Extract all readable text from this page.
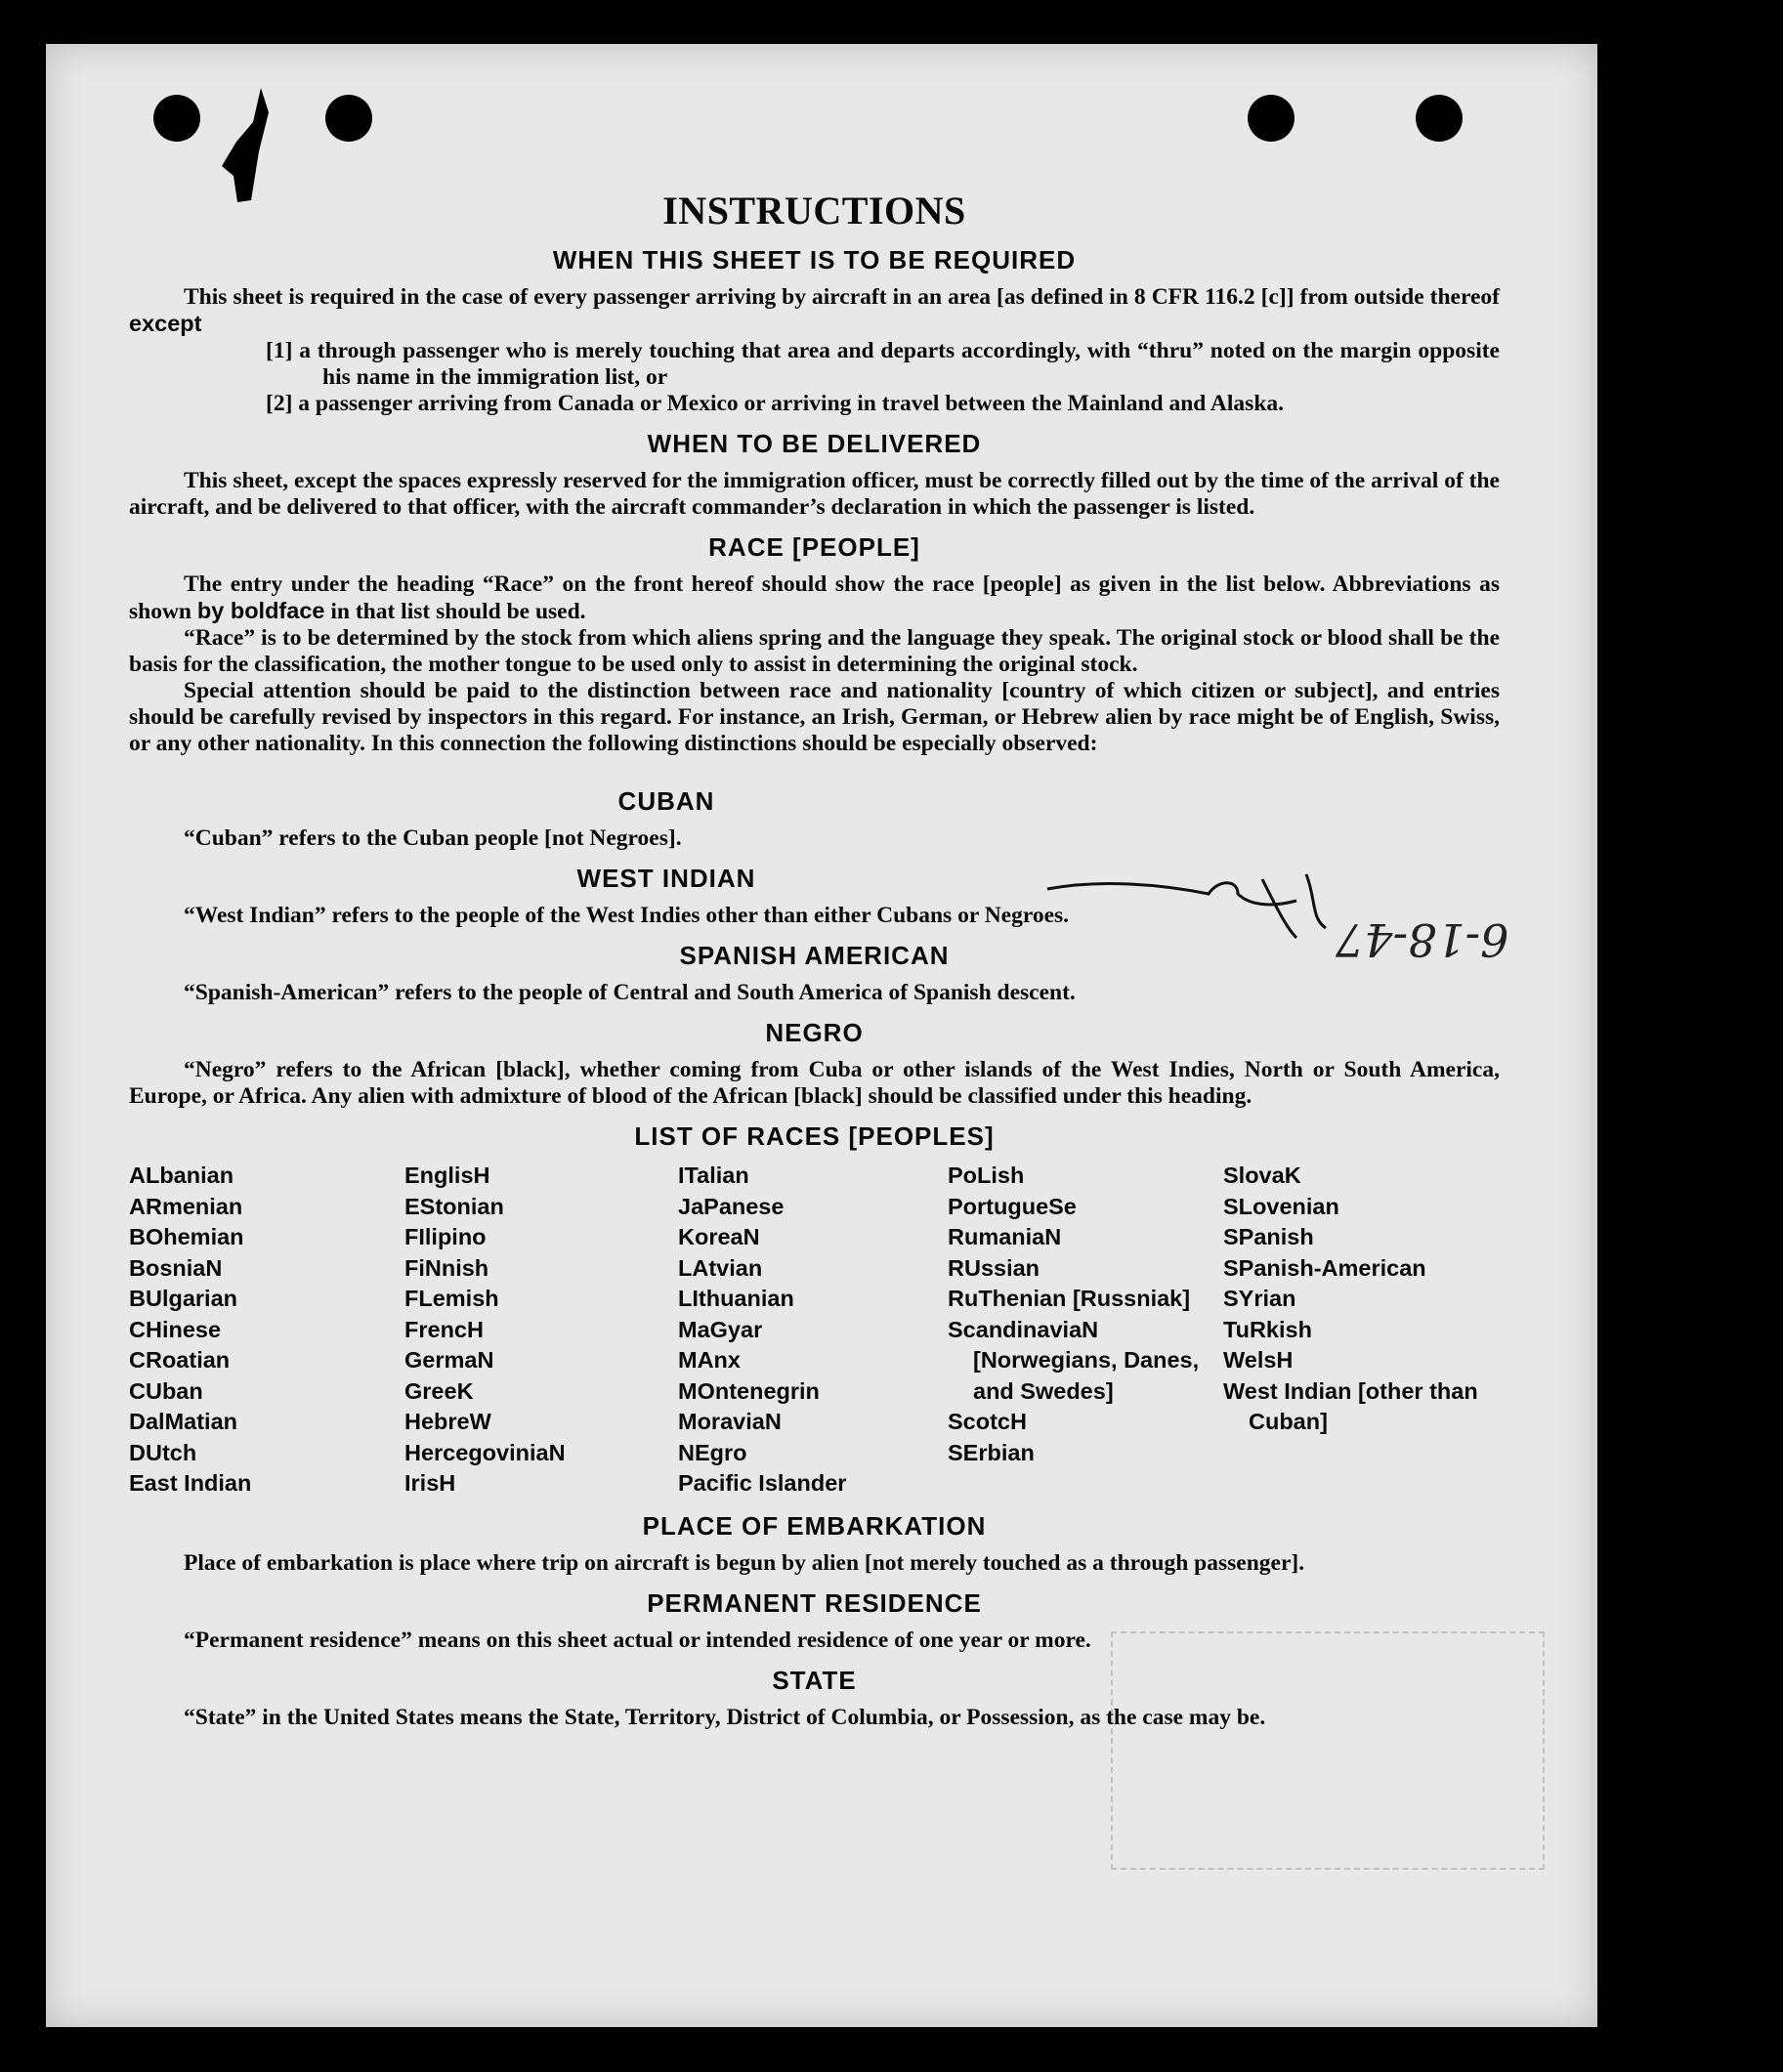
6-18-47
INSTRUCTIONS
WHEN THIS SHEET IS TO BE REQUIRED

This sheet is required in the case of every passenger arriving by aircraft in an area [as defined in 8 CFR 116.2 [c]] from outside thereof except

[1] a through passenger who is merely touching that area and departs accordingly, with “thru” noted on the margin opposite his name in the immigration list, or
[2] a passenger arriving from Canada or Mexico or arriving in travel between the Mainland and Alaska.
WHEN TO BE DELIVERED

This sheet, except the spaces expressly reserved for the immigration officer, must be correctly filled out by the time of the arrival of the aircraft, and be delivered to that officer, with the aircraft commander’s declaration in which the passenger is listed.

RACE [PEOPLE]

The entry under the heading “Race” on the front hereof should show the race [people] as given in the list below. Abbreviations as shown by boldface in that list should be used.

“Race” is to be determined by the stock from which aliens spring and the language they speak. The original stock or blood shall be the basis for the classification, the mother tongue to be used only to assist in determining the original stock.

Special attention should be paid to the distinction between race and nationality [country of which citizen or subject], and entries should be carefully revised by inspectors in this regard. For instance, an Irish, German, or Hebrew alien by race might be of English, Swiss, or any other nationality. In this connection the following distinctions should be especially observed:

CUBAN

“Cuban” refers to the Cuban people [not Negroes].

WEST INDIAN

“West Indian” refers to the people of the West Indies other than either Cubans or Negroes.

SPANISH AMERICAN

“Spanish-American” refers to the people of Central and South America of Spanish descent.

NEGRO

“Negro” refers to the African [black], whether coming from Cuba or other islands of the West Indies, North or South America, Europe, or Africa. Any alien with admixture of blood of the African [black] should be classified under this heading.

LIST OF RACES [PEOPLES]
ALbanian
ARmenian
BOhemian
BosniaN
BUlgarian
CHinese
CRoatian
CUban
DalMatian
DUtch
East Indian
EnglisH
EStonian
FIlipino
FiNnish
FLemish
FrencH
GermaN
GreeK
HebreW
HercegoviniaN
IrisH
ITalian
JaPanese
KoreaN
LAtvian
LIthuanian
MaGyar
MAnx
MOntenegrin
MoraviaN
NEgro
Pacific Islander
PoLish
PortugueSe
RumaniaN
RUssian
RuThenian [Russniak]
ScandinaviaN [Norwegians, Danes, and Swedes]
ScotcH
SErbian
SlovaK
SLovenian
SPanish
SPanish-American
SYrian
TuRkish
WelsH
West Indian [other than Cuban]
PLACE OF EMBARKATION

Place of embarkation is place where trip on aircraft is begun by alien [not merely touched as a through passenger].

PERMANENT RESIDENCE

“Permanent residence” means on this sheet actual or intended residence of one year or more.

STATE

“State” in the United States means the State, Territory, District of Columbia, or Possession, as the case may be.
